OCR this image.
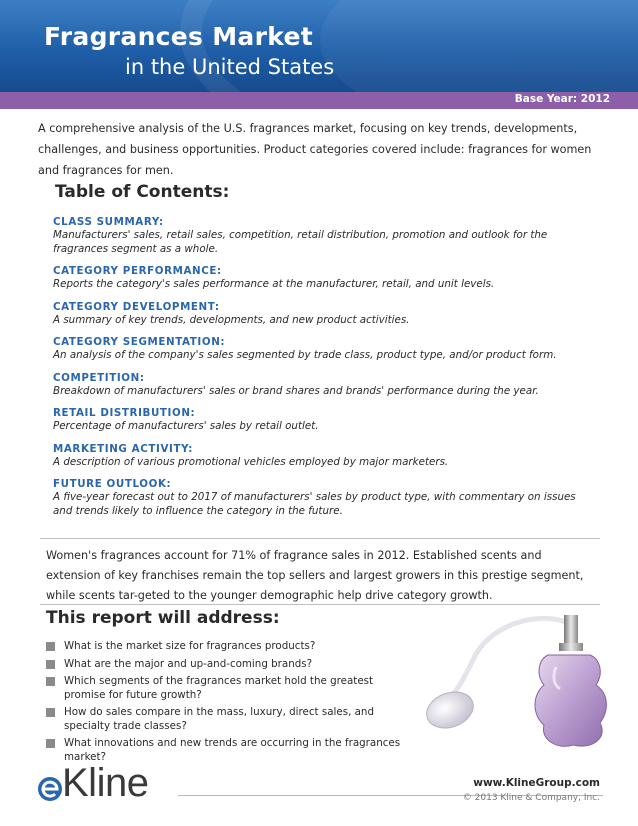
Fragrances Market
in the United States
Base Year: 2012

A comprehensive analysis of the U.S. fragrances market, focusing on key trends, developments, challenges, and business opportunities. Product categories covered include: fragrances for women and fragrances for men.

Table of Contents:
CLASS SUMMARY:
Manufacturers' sales, retail sales, competition, retail distribution, promotion and outlook for the fragrances segment as a whole.
CATEGORY PERFORMANCE:
Reports the category's sales performance at the manufacturer, retail, and unit levels.
CATEGORY DEVELOPMENT:
A summary of key trends, developments, and new product activities.
CATEGORY SEGMENTATION:
An analysis of the company's sales segmented by trade class, product type, and/or product form.
COMPETITION:
Breakdown of manufacturers' sales or brand shares and brands' performance during the year.
RETAIL DISTRIBUTION:
Percentage of manufacturers' sales by retail outlet.
MARKETING ACTIVITY:
A description of various promotional vehicles employed by major marketers.
FUTURE OUTLOOK:
A five-year forecast out to 2017 of manufacturers' sales by product type, with commentary on issues and trends likely to influence the category in the future.

Women's fragrances account for 71% of fragrance sales in 2012. Established scents and extension of key franchises remain the top sellers and largest growers in this prestige segment, while scents tar-geted to the younger demographic help drive category growth.

This report will address:
What is the market size for fragrances products?
What are the major and up-and-coming brands?
Which segments of the fragrances market hold the greatest promise for future growth?
How do sales compare in the mass, luxury, direct sales, and specialty trade classes?
What innovations and new trends are occurring in the fragrances market?
Kline	www.KlineGroup.com
© 2013 Kline & Company, Inc.
